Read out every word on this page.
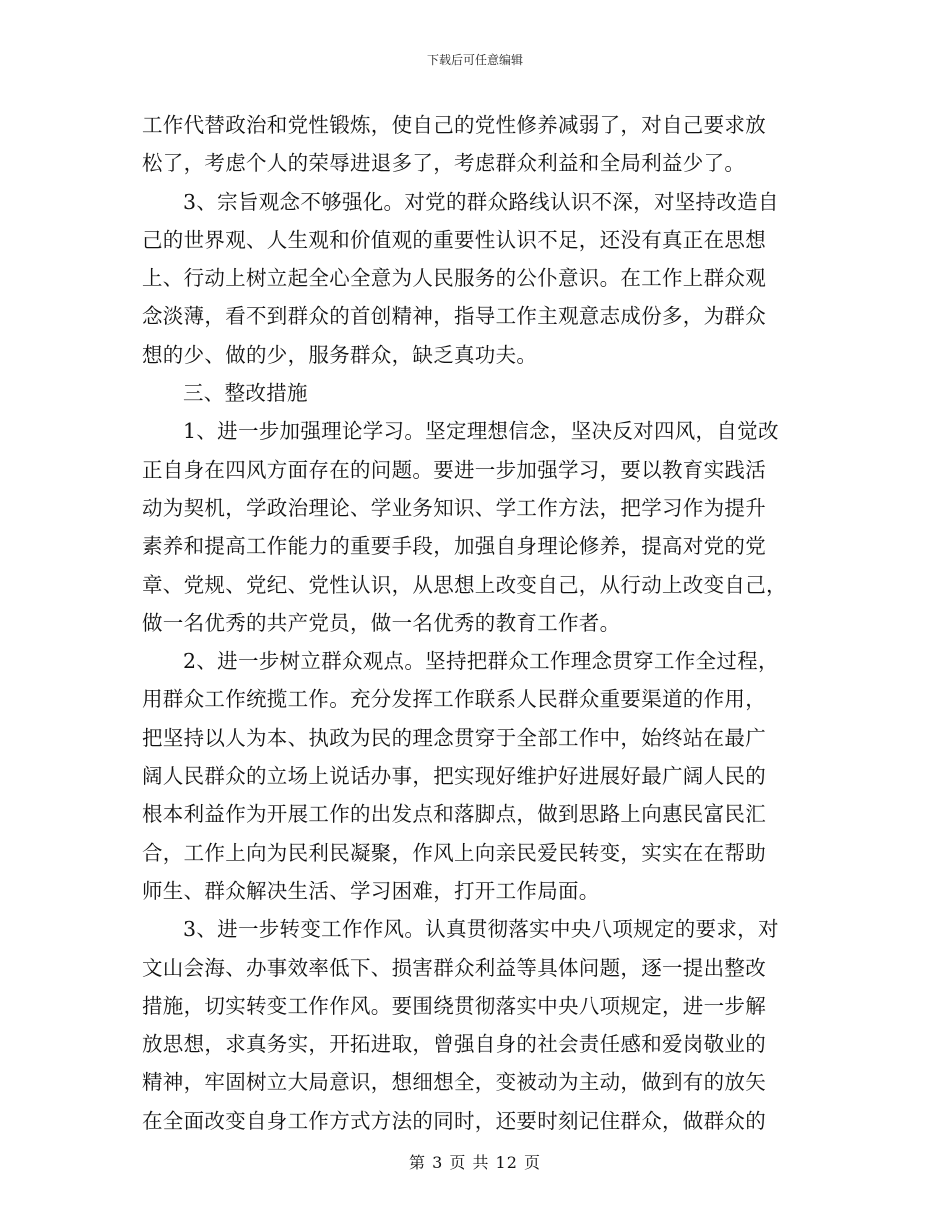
下载后可任意编辑
工作代替政治和党性锻炼，使自己的党性修养减弱了，对自己要求放
松了，考虑个人的荣辱进退多了，考虑群众利益和全局利益少了。
3、宗旨观念不够强化。对党的群众路线认识不深，对坚持改造自
己的世界观、人生观和价值观的重要性认识不足，还没有真正在思想
上、行动上树立起全心全意为人民服务的公仆意识。在工作上群众观
念淡薄，看不到群众的首创精神，指导工作主观意志成份多，为群众
想的少、做的少，服务群众，缺乏真功夫。
三、整改措施
1、进一步加强理论学习。坚定理想信念，坚决反对四风，自觉改
正自身在四风方面存在的问题。要进一步加强学习，要以教育实践活
动为契机，学政治理论、学业务知识、学工作方法，把学习作为提升
素养和提高工作能力的重要手段，加强自身理论修养，提高对党的党
章、党规、党纪、党性认识，从思想上改变自己，从行动上改变自己，
做一名优秀的共产党员，做一名优秀的教育工作者。
2、进一步树立群众观点。坚持把群众工作理念贯穿工作全过程，
用群众工作统揽工作。充分发挥工作联系人民群众重要渠道的作用，
把坚持以人为本、执政为民的理念贯穿于全部工作中，始终站在最广
阔人民群众的立场上说话办事，把实现好维护好进展好最广阔人民的
根本利益作为开展工作的出发点和落脚点，做到思路上向惠民富民汇
合，工作上向为民利民凝聚，作风上向亲民爱民转变，实实在在帮助
师生、群众解决生活、学习困难，打开工作局面。
3、进一步转变工作作风。认真贯彻落实中央八项规定的要求，对
文山会海、办事效率低下、损害群众利益等具体问题，逐一提出整改
措施，切实转变工作作风。要围绕贯彻落实中央八项规定，进一步解
放思想，求真务实，开拓进取，曾强自身的社会责任感和爱岗敬业的
精神，牢固树立大局意识，想细想全，变被动为主动，做到有的放矢
在全面改变自身工作方式方法的同时，还要时刻记住群众，做群众的
第 3 页 共 12 页
